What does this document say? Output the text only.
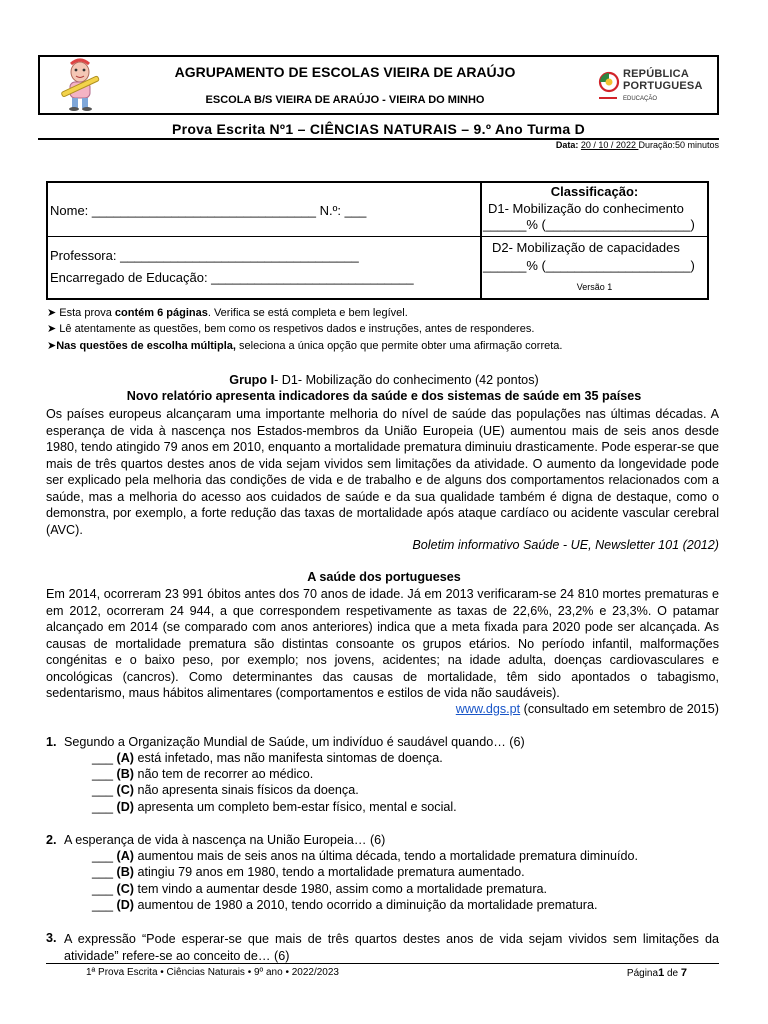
AGRUPAMENTO DE ESCOLAS VIEIRA DE ARAÚJO
ESCOLA B/S VIEIRA DE ARAÚJO - VIEIRA DO MINHO
REPÚBLICA
PORTUGUESA
EDUCAÇÃO
Prova Escrita Nº1 – CIÊNCIAS NATURAIS – 9.º Ano Turma D
Data: 20 / 10 / 2022 Duração:50 minutos
Nome: _______________________________ N.º: ___
Professora: _________________________________
Encarregado de Educação: ____________________________
Classificação:
D1- Mobilização do conhecimento
______% (____________________)
D2- Mobilização de capacidades
______% (____________________)
Versão 1
➤ Esta prova contém 6 páginas. Verifica se está completa e bem legível.
➤ Lê atentamente as questões, bem como os respetivos dados e instruções, antes de responderes.
➤Nas questões de escolha múltipla, seleciona a única opção que permite obter uma afirmação correta.
Grupo I- D1- Mobilização do conhecimento (42 pontos)
Novo relatório apresenta indicadores da saúde e dos sistemas de saúde em 35 países
Os países europeus alcançaram uma importante melhoria do nível de saúde das populações nas últimas décadas. A esperança de vida à nascença nos Estados-membros da União Europeia (UE) aumentou mais de seis anos desde 1980, tendo atingido 79 anos em 2010, enquanto a mortalidade prematura diminuiu drasticamente. Pode esperar-se que mais de três quartos destes anos de vida sejam vividos sem limitações da atividade. O aumento da longevidade pode ser explicado pela melhoria das condições de vida e de trabalho e de alguns dos comportamentos relacionados com a saúde, mas a melhoria do acesso aos cuidados de saúde e da sua qualidade também é digna de destaque, como o demonstra, por exemplo, a forte redução das taxas de mortalidade após ataque cardíaco ou acidente vascular cerebral (AVC).
Boletim informativo Saúde - UE, Newsletter 101 (2012)
A saúde dos portugueses
Em 2014, ocorreram 23 991 óbitos antes dos 70 anos de idade. Já em 2013 verificaram-se 24 810 mortes prematuras e em 2012, ocorreram 24 944, a que correspondem respetivamente as taxas de 22,6%, 23,2% e 23,3%. O patamar alcançado em 2014 (se comparado com anos anteriores) indica que a meta fixada para 2020 pode ser alcançada. As causas de mortalidade prematura são distintas consoante os grupos etários. No período infantil, malformações congénitas e o baixo peso, por exemplo; nos jovens, acidentes; na idade adulta, doenças cardiovasculares e oncológicas (cancros). Como determinantes das causas de mortalidade, têm sido apontados o tabagismo, sedentarismo, maus hábitos alimentares (comportamentos e estilos de vida não saudáveis).
www.dgs.pt (consultado em setembro de 2015)
1. Segundo a Organização Mundial de Saúde, um indivíduo é saudável quando… (6)
___ (A) está infetado, mas não manifesta sintomas de doença.
___ (B) não tem de recorrer ao médico.
___ (C) não apresenta sinais físicos da doença.
___ (D) apresenta um completo bem-estar físico, mental e social.
2. A esperança de vida à nascença na União Europeia… (6)
___ (A) aumentou mais de seis anos na última década, tendo a mortalidade prematura diminuído.
___ (B) atingiu 79 anos em 1980, tendo a mortalidade prematura aumentado.
___ (C) tem vindo a aumentar desde 1980, assim como a mortalidade prematura.
___ (D) aumentou de 1980 a 2010, tendo ocorrido a diminuição da mortalidade prematura.
3. A expressão “Pode esperar-se que mais de três quartos destes anos de vida sejam vividos sem limitações da atividade” refere-se ao conceito de… (6)
1ª Prova Escrita • Ciências Naturais • 9º ano • 2022/2023	Página1 de 7
